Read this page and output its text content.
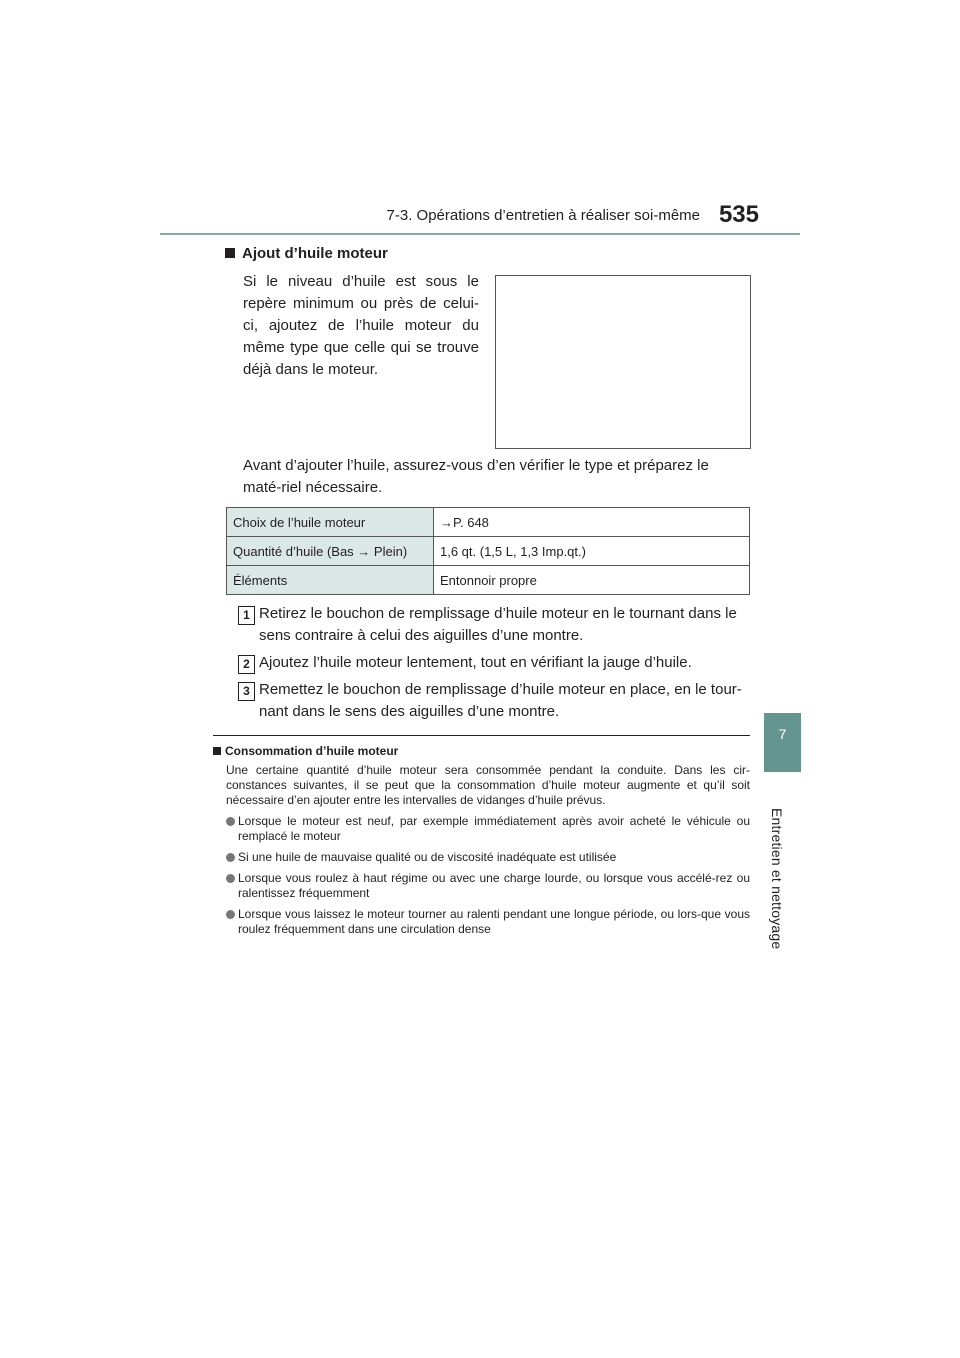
7-3. Opérations d’entretien à réaliser soi-même 535
7
Entretien et nettoyage
Ajout d’huile moteur
Si le niveau d’huile est sous le repère minimum ou près de celui-ci, ajoutez de l’huile moteur du même type que celle qui se trouve déjà dans le moteur.
Avant d’ajouter l’huile, assurez-vous d’en vérifier le type et préparez le maté-riel nécessaire.
Choix de l’huile moteur	→P. 648
Quantité d’huile (Bas → Plein)	1,6 qt. (1,5 L, 1,3 Imp.qt.)
Éléments	Entonnoir propre
1 Retirez le bouchon de remplissage d’huile moteur en le tournant dans le sens contraire à celui des aiguilles d’une montre.
2 Ajoutez l’huile moteur lentement, tout en vérifiant la jauge d’huile.
3 Remettez le bouchon de remplissage d’huile moteur en place, en le tour-nant dans le sens des aiguilles d’une montre.
Consommation d’huile moteur
Une certaine quantité d’huile moteur sera consommée pendant la conduite. Dans les cir-constances suivantes, il se peut que la consommation d’huile moteur augmente et qu’il soit nécessaire d’en ajouter entre les intervalles de vidanges d’huile prévus.
Lorsque le moteur est neuf, par exemple immédiatement après avoir acheté le véhicule ou remplacé le moteur
Si une huile de mauvaise qualité ou de viscosité inadéquate est utilisée
Lorsque vous roulez à haut régime ou avec une charge lourde, ou lorsque vous accélé-rez ou ralentissez fréquemment
Lorsque vous laissez le moteur tourner au ralenti pendant une longue période, ou lors-que vous roulez fréquemment dans une circulation dense
